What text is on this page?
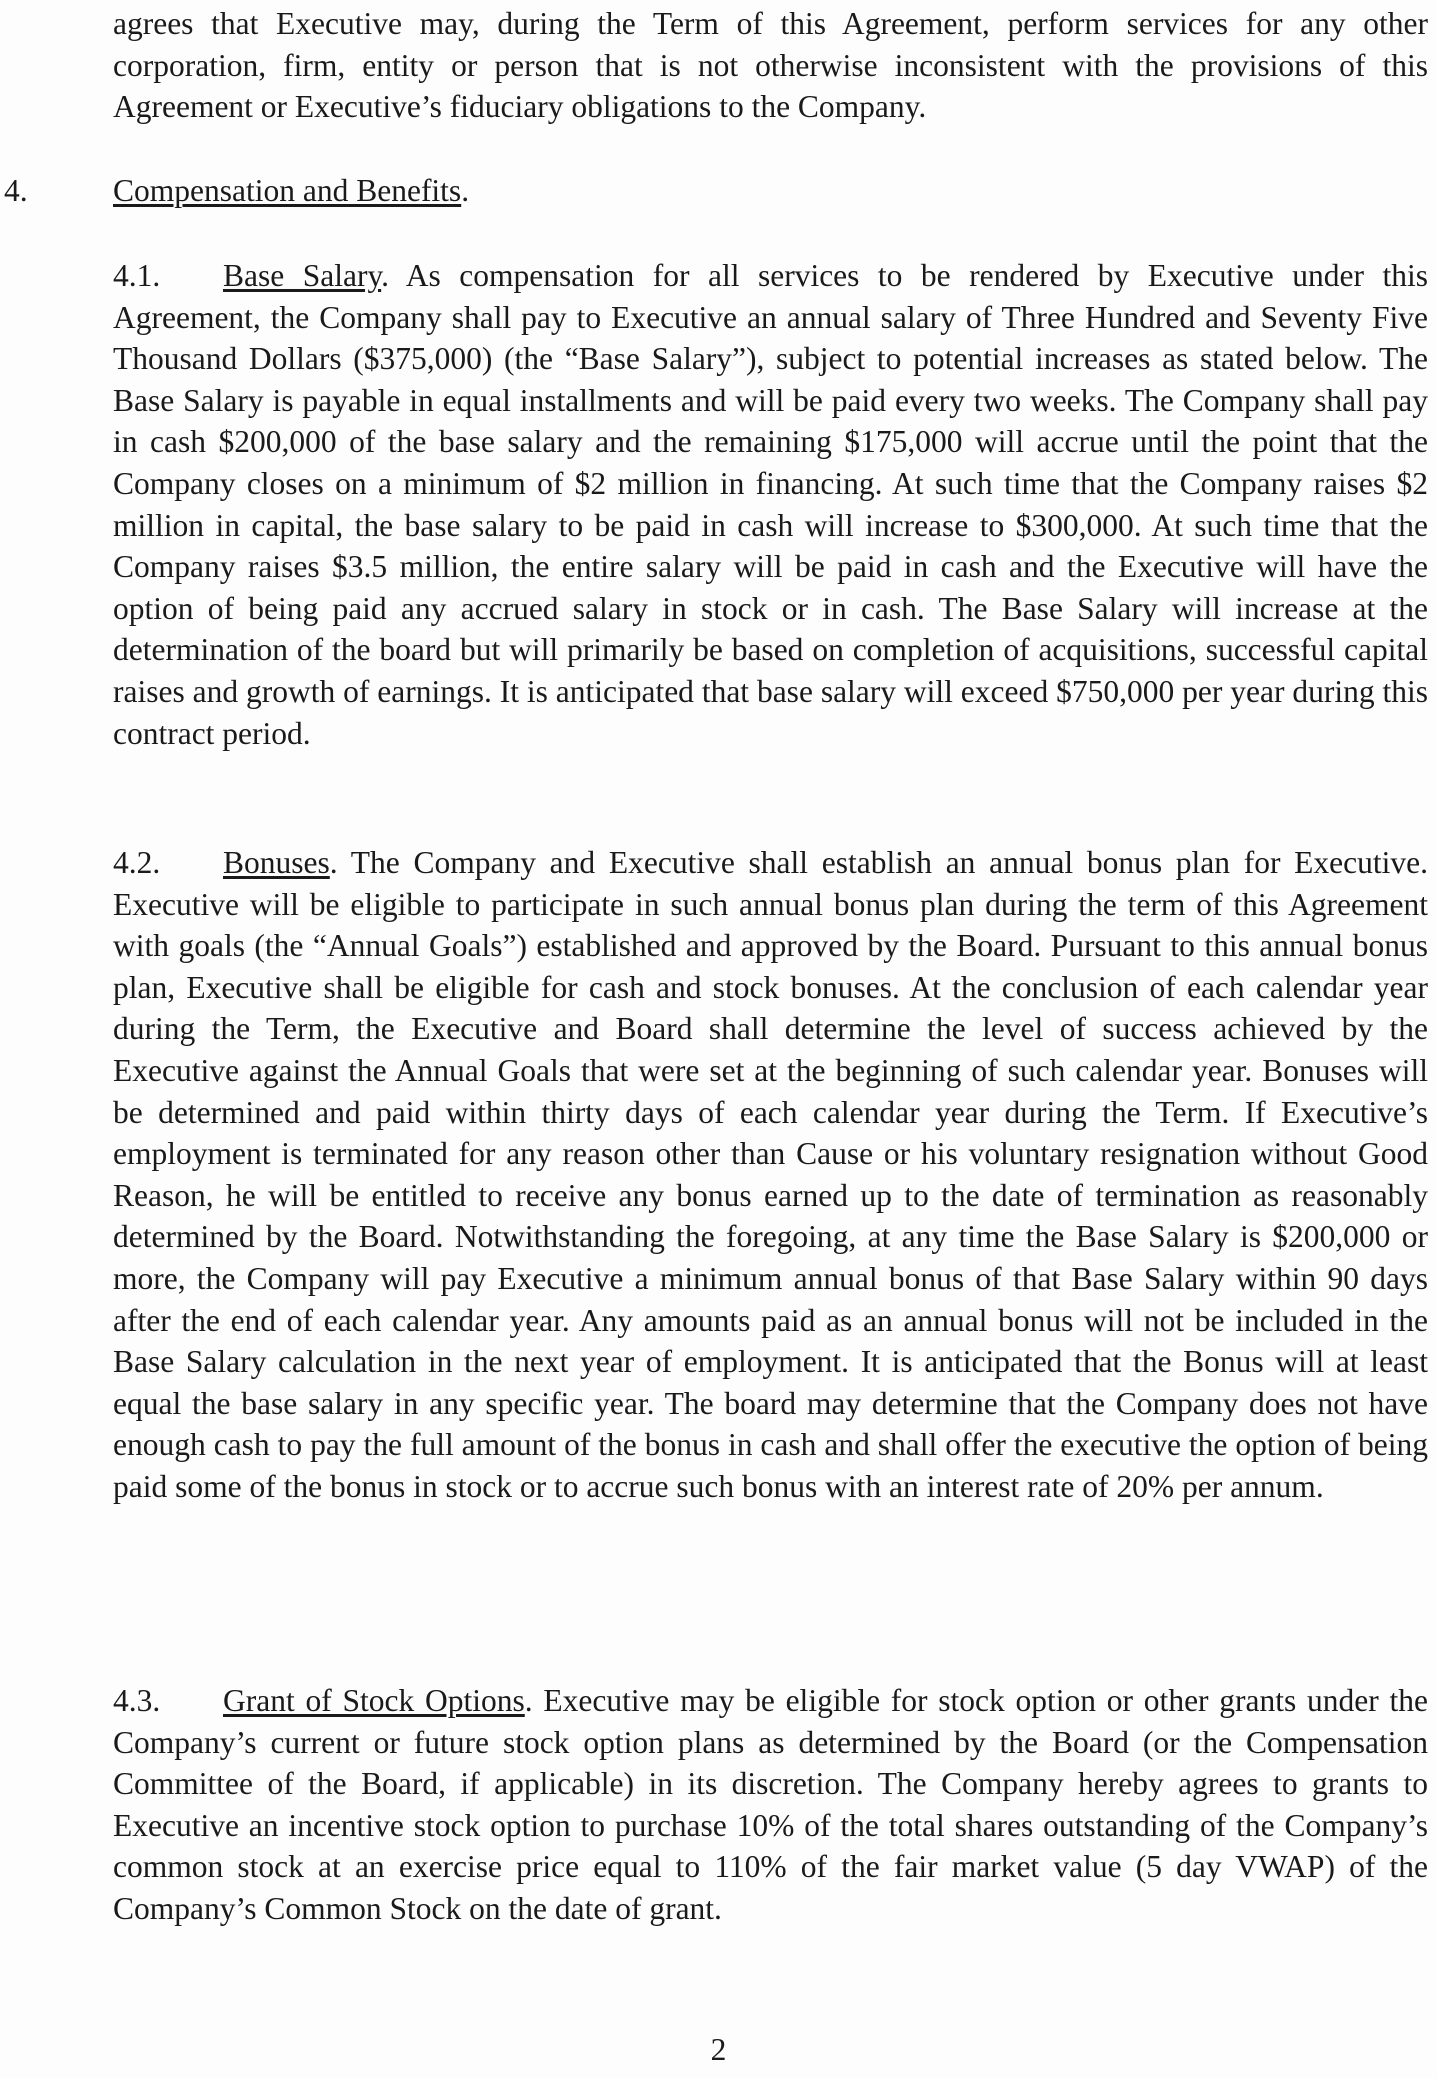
agrees that Executive may, during the Term of this Agreement, perform services for any other corporation, firm, entity or person that is not otherwise inconsistent with the provisions of this Agreement or Executive’s fiduciary obligations to the Company.

4.	Compensation and Benefits.

4.1. Base Salary. As compensation for all services to be rendered by Executive under this Agreement, the Company shall pay to Executive an annual salary of Three Hundred and Seventy Five Thousand Dollars ($375,000) (the “Base Salary”), subject to potential increases as stated below. The Base Salary is payable in equal installments and will be paid every two weeks. The Company shall pay in cash $200,000 of the base salary and the remaining $175,000 will accrue until the point that the Company closes on a minimum of $2 million in financing. At such time that the Company raises $2 million in capital, the base salary to be paid in cash will increase to $300,000. At such time that the Company raises $3.5 million, the entire salary will be paid in cash and the Executive will have the option of being paid any accrued salary in stock or in cash. The Base Salary will increase at the determination of the board but will primarily be based on completion of acquisitions, successful capital raises and growth of earnings. It is anticipated that base salary will exceed $750,000 per year during this contract period.

4.2. Bonuses. The Company and Executive shall establish an annual bonus plan for Executive. Executive will be eligible to participate in such annual bonus plan during the term of this Agreement with goals (the “Annual Goals”) established and approved by the Board. Pursuant to this annual bonus plan, Executive shall be eligible for cash and stock bonuses. At the conclusion of each calendar year during the Term, the Executive and Board shall determine the level of success achieved by the Executive against the Annual Goals that were set at the beginning of such calendar year. Bonuses will be determined and paid within thirty days of each calendar year during the Term. If Executive’s employment is terminated for any reason other than Cause or his voluntary resignation without Good Reason, he will be entitled to receive any bonus earned up to the date of termination as reasonably determined by the Board. Notwithstanding the foregoing, at any time the Base Salary is $200,000 or more, the Company will pay Executive a minimum annual bonus of that Base Salary within 90 days after the end of each calendar year. Any amounts paid as an annual bonus will not be included in the Base Salary calculation in the next year of employment. It is anticipated that the Bonus will at least equal the base salary in any specific year. The board may determine that the Company does not have enough cash to pay the full amount of the bonus in cash and shall offer the executive the option of being paid some of the bonus in stock or to accrue such bonus with an interest rate of 20% per annum.

4.3. Grant of Stock Options. Executive may be eligible for stock option or other grants under the Company’s current or future stock option plans as determined by the Board (or the Compensation Committee of the Board, if applicable) in its discretion. The Company hereby agrees to grants to Executive an incentive stock option to purchase 10% of the total shares outstanding of the Company’s common stock at an exercise price equal to 110% of the fair market value (5 day VWAP) of the Company’s Common Stock on the date of grant.

2
